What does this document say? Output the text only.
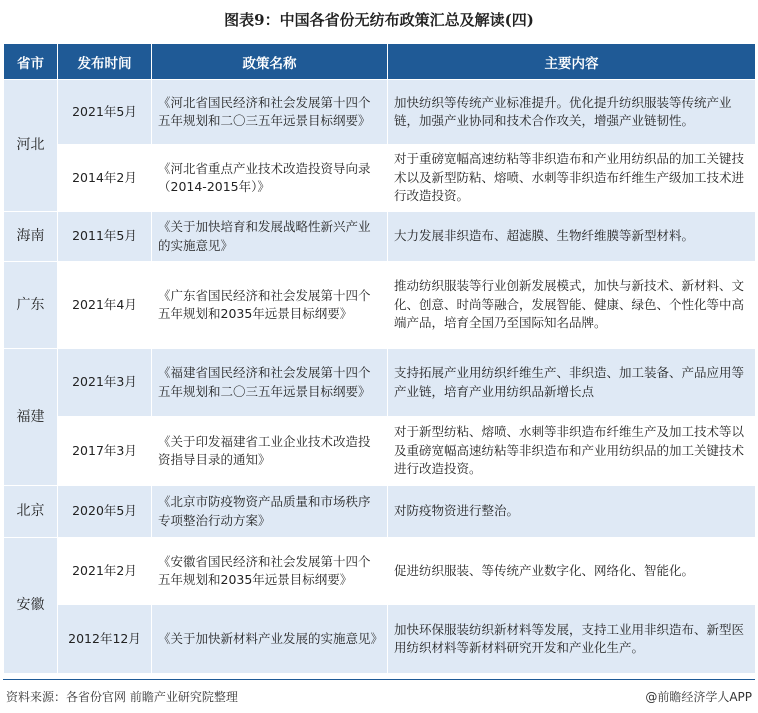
图表9：中国各省份无纺布政策汇总及解读(四)
省市	发布时间	政策名称	主要内容
河北	2021年5月	《河北省国民经济和社会发展第十四个五年规划和二〇三五年远景目标纲要》	加快纺织等传统产业标准提升。优化提升纺织服装等传统产业链，加强产业协同和技术合作攻关，增强产业链韧性。
	2014年2月	《河北省重点产业技术改造投资导向录（2014-2015年）》	对于重磅宽幅高速纺粘等非织造布和产业用纺织品的加工关键技术以及新型防粘、熔喷、水刺等非织造布纤维生产级加工技术进行改造投资。
海南	2011年5月	《关于加快培育和发展战略性新兴产业的实施意见》	大力发展非织造布、超滤膜、生物纤维膜等新型材料。
广东	2021年4月	《广东省国民经济和社会发展第十四个五年规划和2035年远景目标纲要》	推动纺织服装等行业创新发展模式，加快与新技术、新材料、文化、创意、时尚等融合，发展智能、健康、绿色、个性化等中高端产品，培育全国乃至国际知名品牌。
福建	2021年3月	《福建省国民经济和社会发展第十四个五年规划和二〇三五年远景目标纲要》	支持拓展产业用纺织纤维生产、非织造、加工装备、产品应用等产业链，培育产业用纺织品新增长点
	2017年3月	《关于印发福建省工业企业技术改造投资指导目录的通知》	对于新型纺粘、熔喷、水刺等非织造布纤维生产及加工技术等以及重磅宽幅高速纺粘等非织造布和产业用纺织品的加工关键技术进行改造投资。
北京	2020年5月	《北京市防疫物资产品质量和市场秩序专项整治行动方案》	对防疫物资进行整治。
安徽	2021年2月	《安徽省国民经济和社会发展第十四个五年规划和2035年远景目标纲要》	促进纺织服装、等传统产业数字化、网络化、智能化。
	2012年12月	《关于加快新材料产业发展的实施意见》	加快环保服装纺织新材料等发展，支持工业用非织造布、新型医用纺织材料等新材料研究开发和产业化生产。
资料来源：各省份官网 前瞻产业研究院整理	@前瞻经济学人APP
